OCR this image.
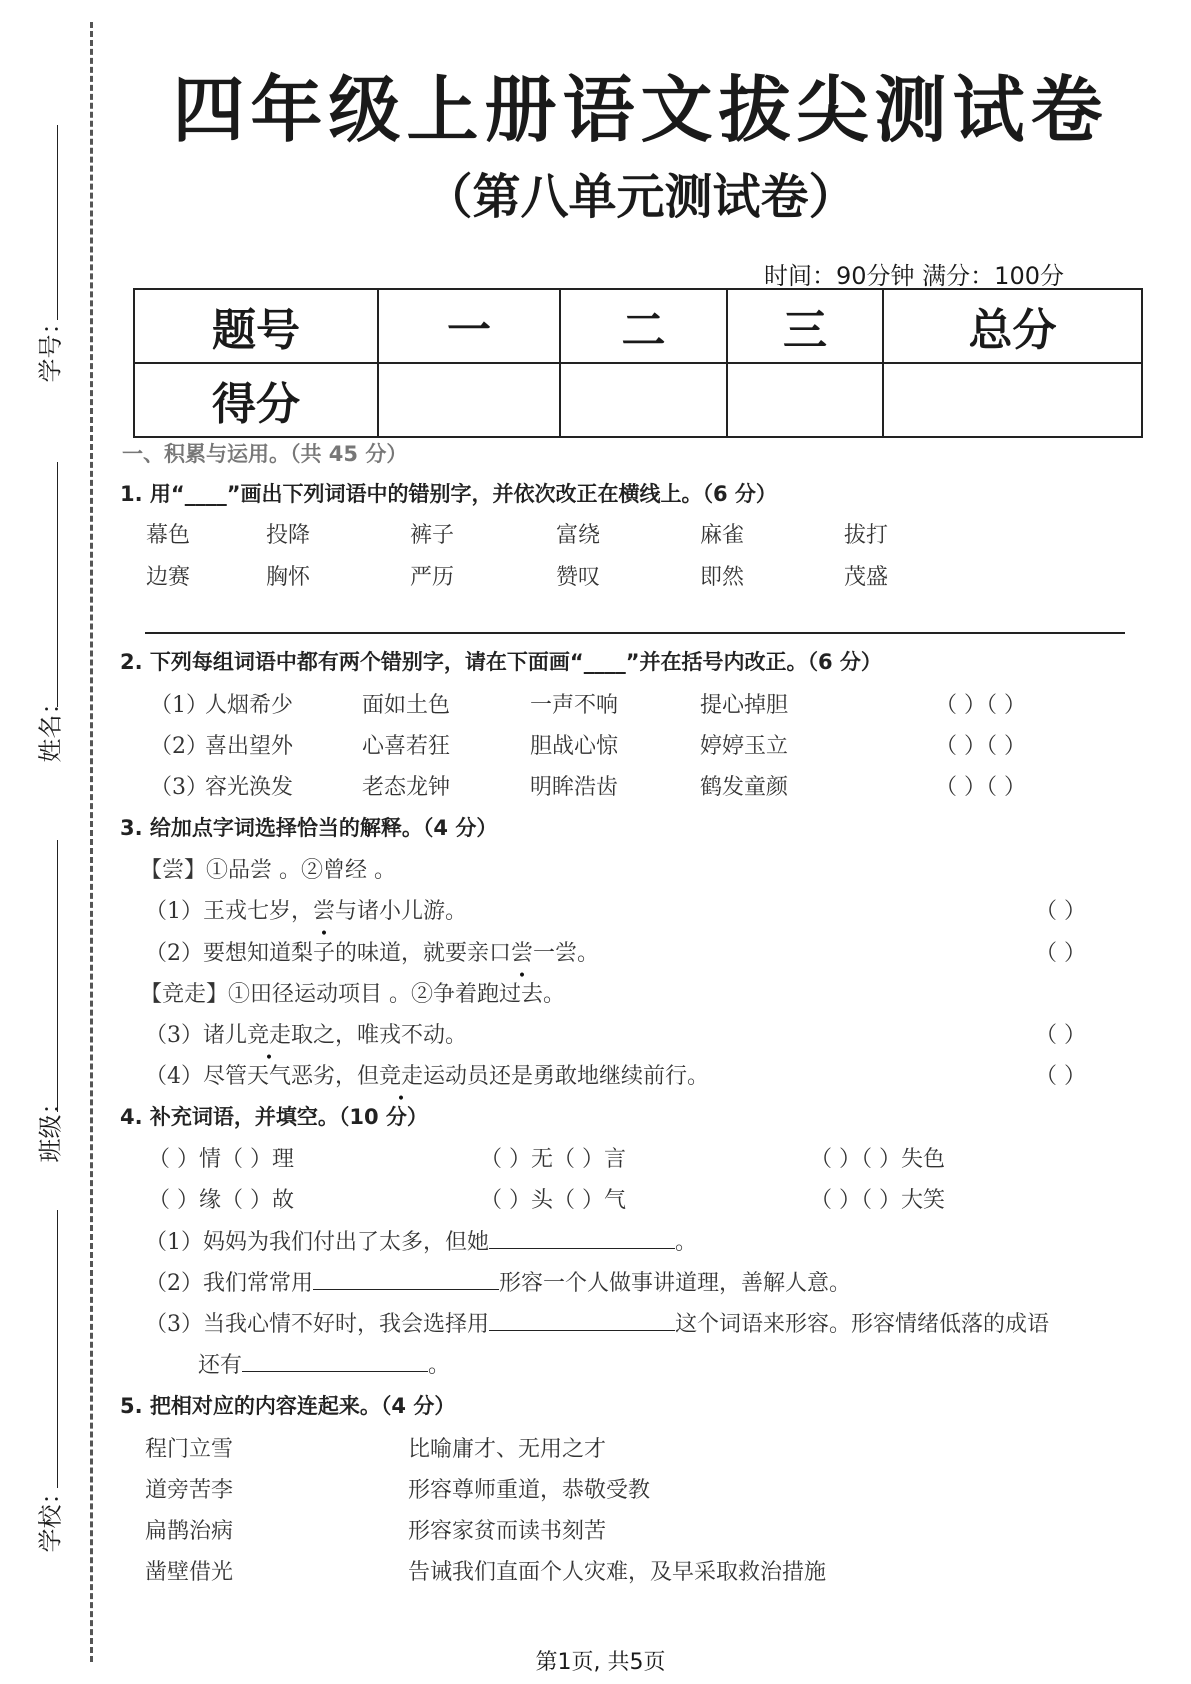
学号：
姓名：
班级：
学校：
四年级上册语文拔尖测试卷
（第八单元测试卷）
时间：90分钟 满分：100分
题号	一	二	三	总分
得分				
一、积累与运用。（共 45 分）
1. 用“____”画出下列词语中的错别字，并依次改正在横线上。（6 分）
幕色	投降	裤子	富绕	麻雀	拔打
边赛	胸怀	严历	赞叹	即然	茂盛
2. 下列每组词语中都有两个错别字，请在下面画“____”并在括号内改正。（6 分）
（1）
人烟希少	面如土色	一声不响	提心掉胆	（ ）（ ）
（2）
喜出望外	心喜若狂	胆战心惊	婷婷玉立	（ ）（ ）
（3）
容光涣发	老态龙钟	明眸浩齿	鹤发童颜	（ ）（ ）
3. 给加点字词选择恰当的解释。（4 分）
【尝】①品尝 。②曾经 。
（1）王戎七岁，尝与诸小儿游。	（ ）
（2）要想知道梨子的味道，就要亲口尝一尝。	（ ）
【竞走】①田径运动项目 。②争着跑过去。
（3）诸儿竞走取之，唯戎不动。	（ ）
（4）尽管天气恶劣，但竞走运动员还是勇敢地继续前行。	（ ）
4. 补充词语，并填空。（10 分）
（ ）情（ ）理	（ ）无（ ）言	（ ）（ ）失色
（ ）缘（ ）故	（ ）头（ ）气	（ ）（ ）大笑
（1）妈妈为我们付出了太多，但她	。
（2）我们常常用	形容一个人做事讲道理，善解人意。
（3）当我心情不好时，我会选择用	这个词语来形容。形容情绪低落的成语
还有	。
5. 把相对应的内容连起来。（4 分）
程门立雪	比喻庸才、无用之才
道旁苦李	形容尊师重道，恭敬受教
扁鹊治病	形容家贫而读书刻苦
凿壁借光	告诫我们直面个人灾难，及早采取救治措施
第1页, 共5页
